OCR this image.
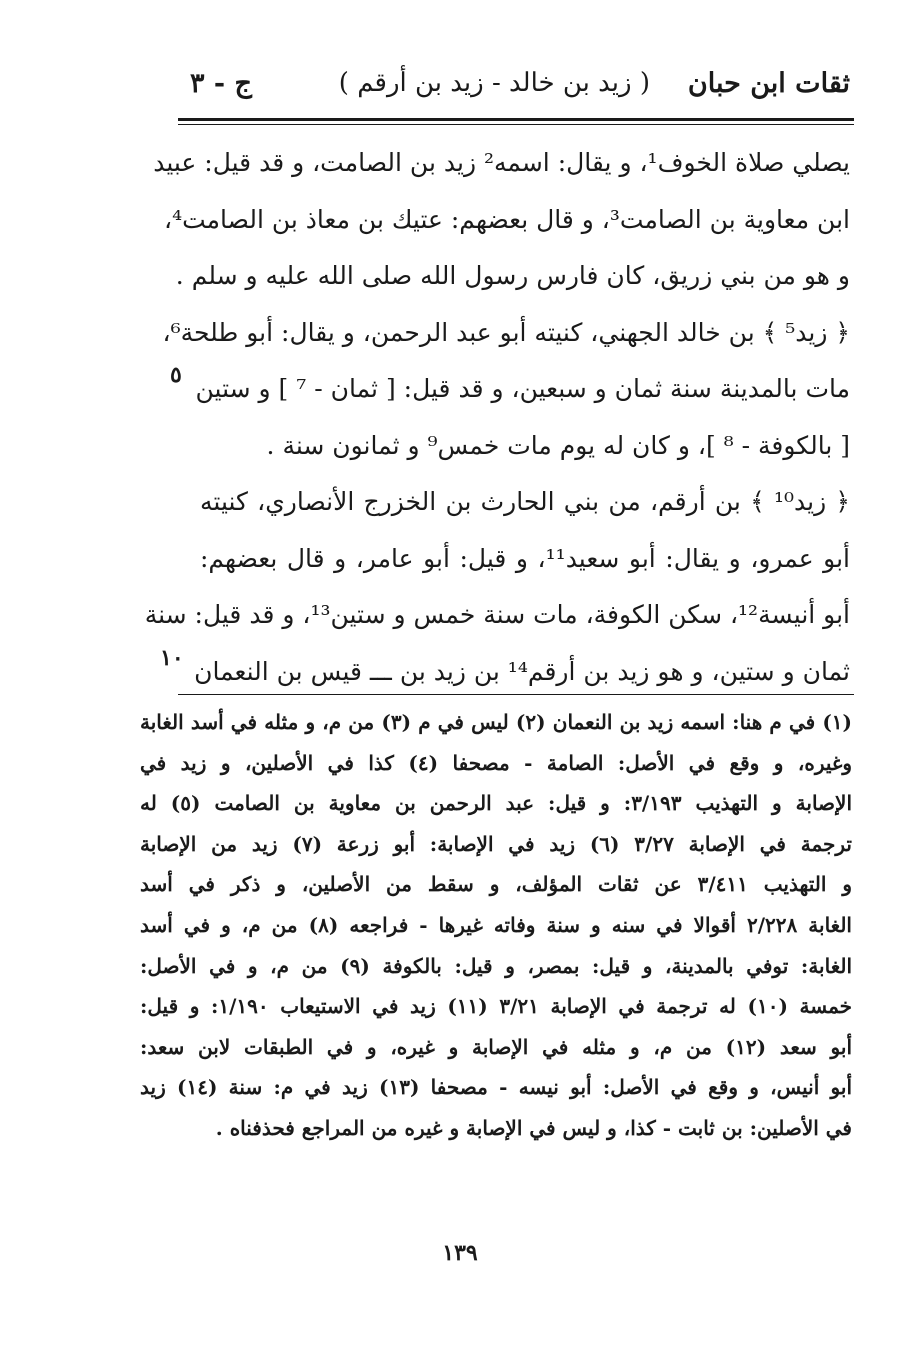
ثقات ابن حبان
( زيد بن خالد - زيد بن أرقم )
ج - ٣
يصلي صلاة الخوف¹، و يقال: اسمه² زيد بن الصامت، و قد قيل: عبيد
ابن معاوية بن الصامت³، و قال بعضهم: عتيك بن معاذ بن الصامت⁴،
و هو من بني زريق، كان فارس رسول الله صلى الله عليه و سلم .
﴿ زيد⁵ ﴾ بن خالد الجهني، كنيته أبو عبد الرحمن، و يقال: أبو طلحة⁶،
مات بالمدينة سنة ثمان و سبعين، و قد قيل: [ ثمان - ⁷ ] و ستين
[ بالكوفة - ⁸ ]، و كان له يوم مات خمس⁹ و ثمانون سنة .
﴿ زيد¹⁰ ﴾ بن أرقم، من بني الحارث بن الخزرج الأنصاري، كنيته
أبو عمرو، و يقال: أبو سعيد¹¹، و قيل: أبو عامر، و قال بعضهم:
أبو أنيسة¹²، سكن الكوفة، مات سنة خمس و ستين¹³، و قد قيل: سنة
ثمان و ستين، و هو زيد بن أرقم¹⁴ بن زيد بن ـــ قيس بن النعمان
٥
١٠
(١) في م هنا: اسمه زيد بن النعمان (٢) ليس في م (٣) من م، و مثله في أسد الغابة
وغيره، و وقع في الأصل: الصامة - مصحفا (٤) كذا في الأصلين، و زيد في
الإصابة و التهذيب ٣/١٩٣: و قيل: عبد الرحمن بن معاوية بن الصامت (٥) له
ترجمة في الإصابة ٣/٢٧ (٦) زيد في الإصابة: أبو زرعة (٧) زيد من الإصابة
و التهذيب ٣/٤١١ عن ثقات المؤلف، و سقط من الأصلين، و ذكر في أسد
الغابة ٢/٢٢٨ أقوالا في سنه و سنة وفاته غيرها - فراجعه (٨) من م، و في أسد
الغابة: توفي بالمدينة، و قيل: بمصر، و قيل: بالكوفة (٩) من م، و في الأصل:
خمسة (١٠) له ترجمة في الإصابة ٣/٢١ (١١) زيد في الاستيعاب ١/١٩٠: و قيل:
أبو سعد (١٢) من م، و مثله في الإصابة و غيره، و في الطبقات لابن سعد:
أبو أنيس، و وقع في الأصل: أبو نيسه - مصحفا (١٣) زيد في م: سنة (١٤) زيد
في الأصلين: بن ثابت - كذا، و ليس في الإصابة و غيره من المراجع فحذفناه .
١٣٩
